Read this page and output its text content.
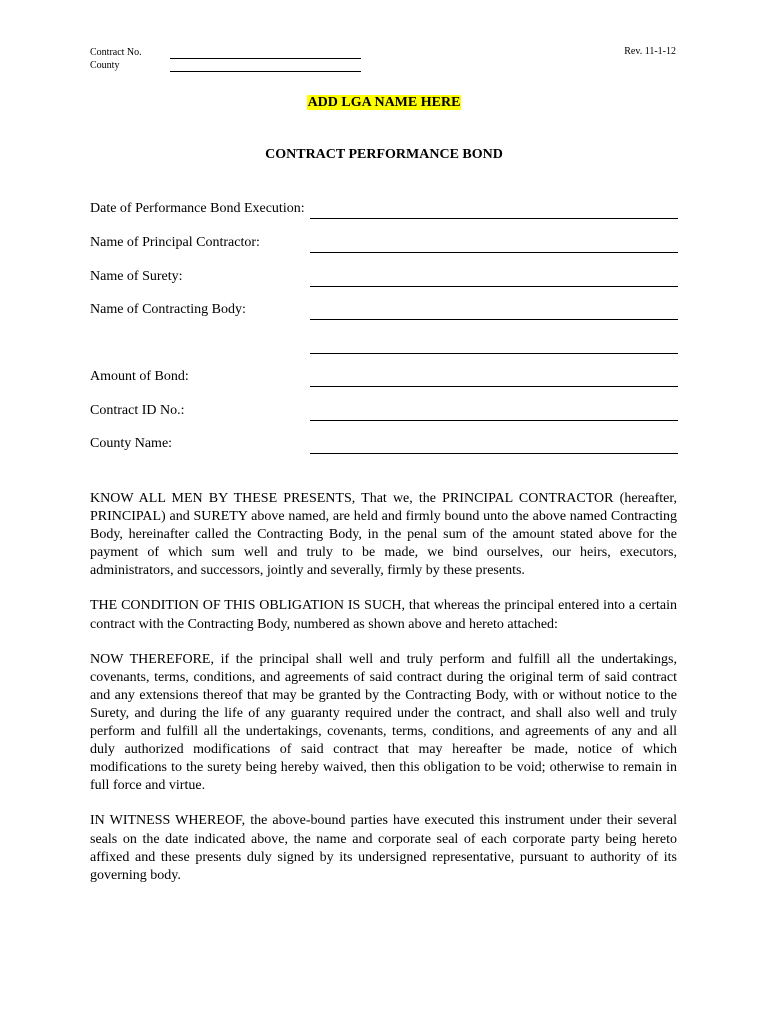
Contract No.
County
Rev. 11-1-12
ADD LGA NAME HERE
CONTRACT PERFORMANCE BOND
Date of Performance Bond Execution:
Name of Principal Contractor:
Name of Surety:
Name of Contracting Body:
Amount of Bond:
Contract ID No.:
County Name:

KNOW ALL MEN BY THESE PRESENTS, That we, the PRINCIPAL CONTRACTOR (hereafter, PRINCIPAL) and SURETY above named, are held and firmly bound unto the above named Contracting Body, hereinafter called the Contracting Body, in the penal sum of the amount stated above for the payment of which sum well and truly to be made, we bind ourselves, our heirs, executors, administrators, and successors, jointly and severally, firmly by these presents.

THE CONDITION OF THIS OBLIGATION IS SUCH, that whereas the principal entered into a certain contract with the Contracting Body, numbered as shown above and hereto attached:

NOW THEREFORE, if the principal shall well and truly perform and fulfill all the undertakings, covenants, terms, conditions, and agreements of said contract during the original term of said contract and any extensions thereof that may be granted by the Contracting Body, with or without notice to the Surety, and during the life of any guaranty required under the contract, and shall also well and truly perform and fulfill all the undertakings, covenants, terms, conditions, and agreements of any and all duly authorized modifications of said contract that may hereafter be made, notice of which modifications to the surety being hereby waived, then this obligation to be void; otherwise to remain in full force and virtue.

IN WITNESS WHEREOF, the above-bound parties have executed this instrument under their several seals on the date indicated above, the name and corporate seal of each corporate party being hereto affixed and these presents duly signed by its undersigned representative, pursuant to authority of its governing body.
